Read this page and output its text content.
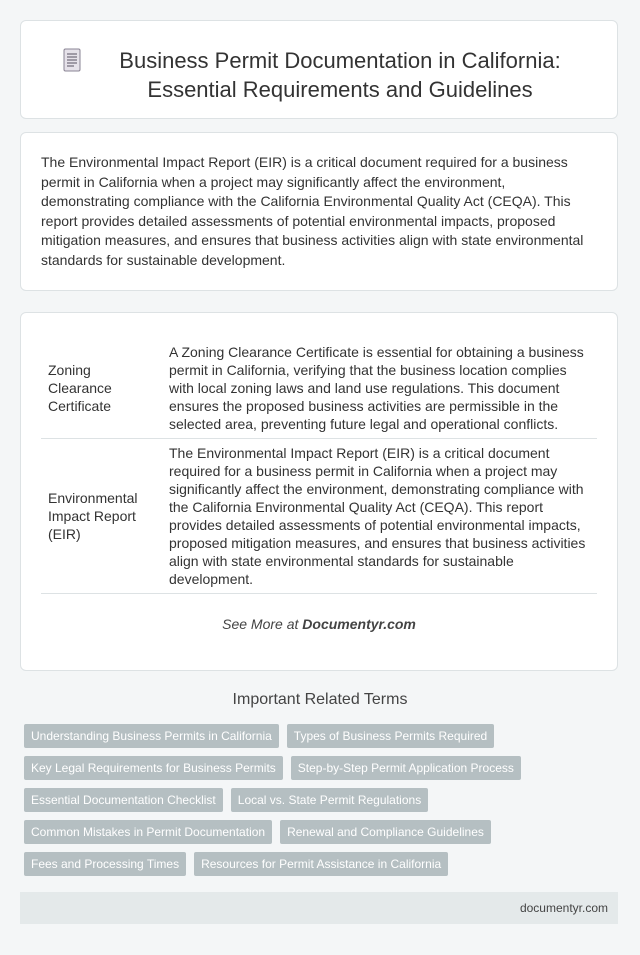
Business Permit Documentation in California:
Essential Requirements and Guidelines

The Environmental Impact Report (EIR) is a critical document required for a business permit in California when a project may significantly affect the environment, demonstrating compliance with the California Environmental Quality Act (CEQA). This report provides detailed assessments of potential environmental impacts, proposed mitigation measures, and ensures that business activities align with state environmental standards for sustainable development.

Zoning Clearance Certificate	A Zoning Clearance Certificate is essential for obtaining a business permit in California, verifying that the business location complies with local zoning laws and land use regulations. This document ensures the proposed business activities are permissible in the selected area, preventing future legal and operational conflicts.
Environmental Impact Report (EIR)	The Environmental Impact Report (EIR) is a critical document required for a business permit in California when a project may significantly affect the environment, demonstrating compliance with the California Environmental Quality Act (CEQA). This report provides detailed assessments of potential environmental impacts, proposed mitigation measures, and ensures that business activities align with state environmental standards for sustainable development.
See More at Documentyr.com
Important Related Terms
Understanding Business Permits in California	Types of Business Permits Required
Key Legal Requirements for Business Permits	Step-by-Step Permit Application Process
Essential Documentation Checklist	Local vs. State Permit Regulations
Common Mistakes in Permit Documentation	Renewal and Compliance Guidelines
Fees and Processing Times	Resources for Permit Assistance in California
documentyr.com
